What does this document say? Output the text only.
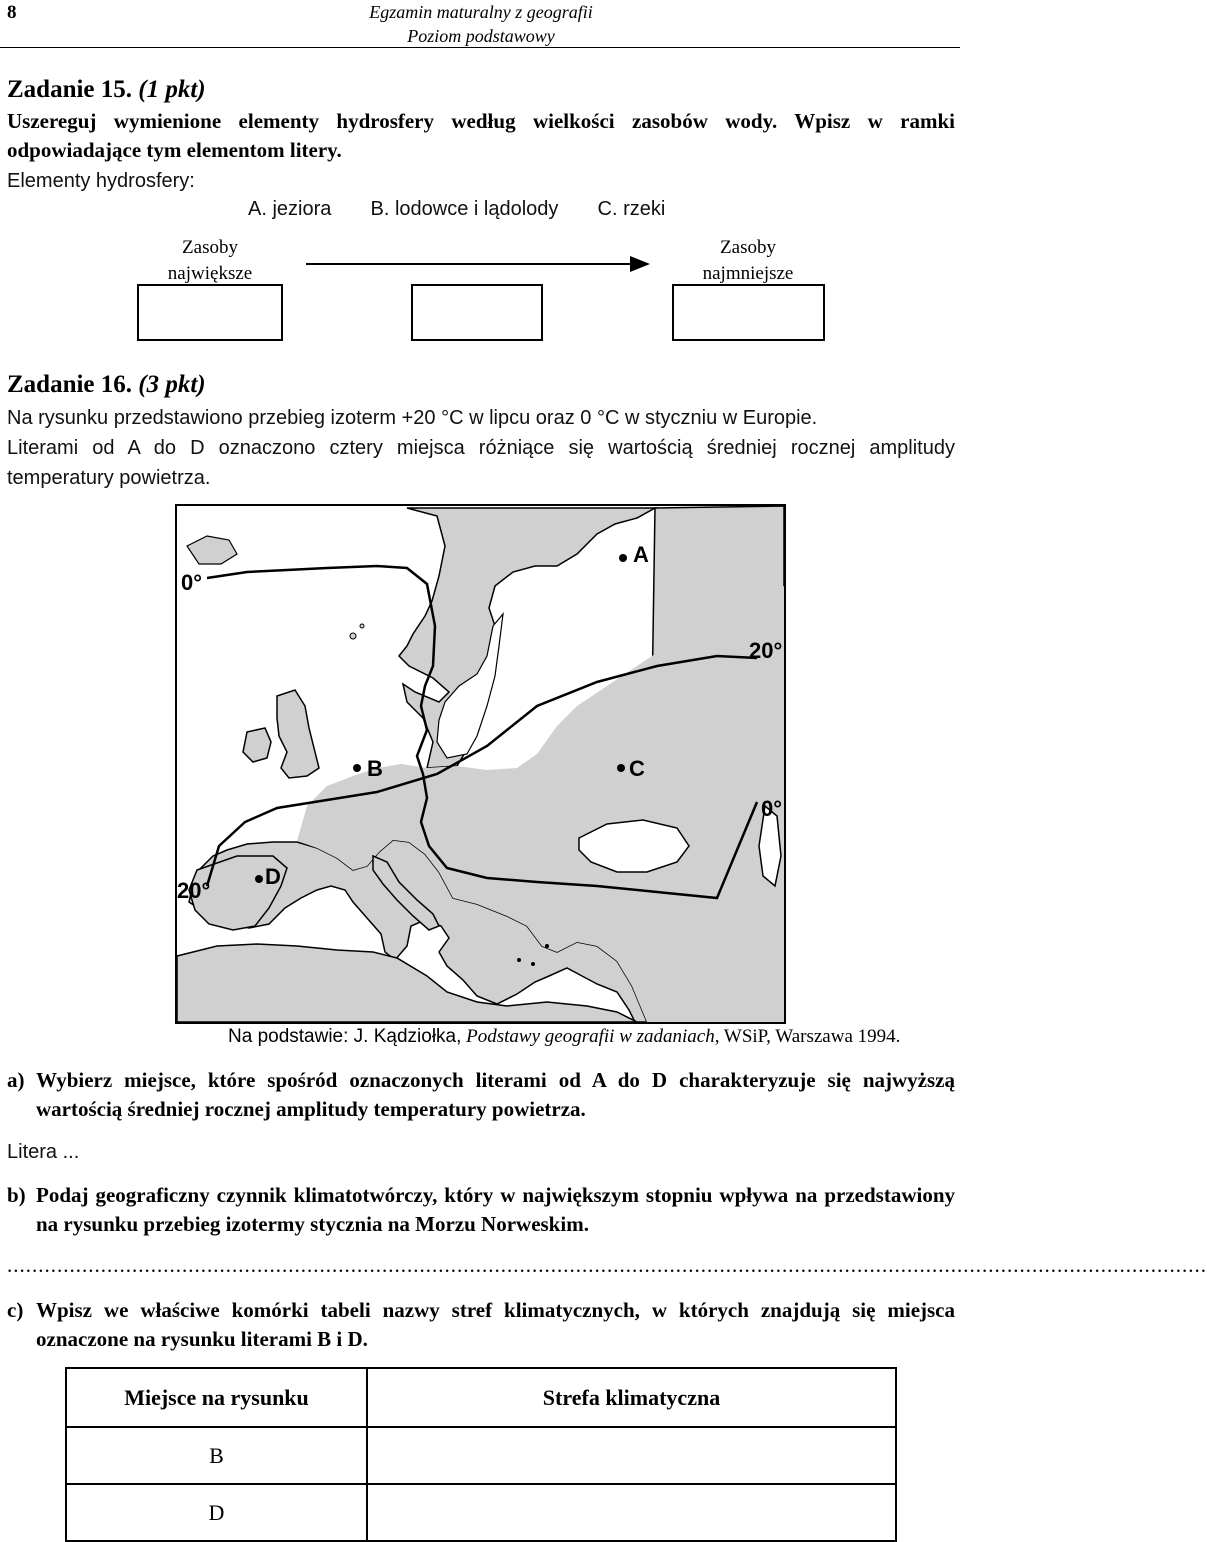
8	Egzamin maturalny z geografii
Poziom podstawowy
Zadanie 15. (1 pkt)
Uszereguj wymienione elementy hydrosfery według wielkości zasobów wody. Wpisz w ramki odpowiadające tym elementom litery.
Elementy hydrosfery:
A. jeziora B. lodowce i lądolody C. rzeki
Zasoby
największe
Zasoby
najmniejsze
Zadanie 16. (3 pkt)
Na rysunku przedstawiono przebieg izoterm +20 °C w lipcu oraz 0 °C w styczniu w Europie.
Literami od A do D oznaczono cztery miejsca różniące się wartością średniej rocznej amplitudy temperatury powietrza.
0°
20°
0°
20°
A
B	C
D
Na podstawie: J. Kądziołka, Podstawy geografii w zadaniach, WSiP, Warszawa 1994.
a) Wybierz miejsce, które spośród oznaczonych literami od A do D charakteryzuje się najwyższą wartością średniej rocznej amplitudy temperatury powietrza.
Litera ...
b) Podaj geograficzny czynnik klimatotwórczy, który w największym stopniu wpływa na przedstawiony na rysunku przebieg izotermy stycznia na Morzu Norweskim.
................................................................................................................................................................................................
c) Wpisz we właściwe komórki tabeli nazwy stref klimatycznych, w których znajdują się miejsca oznaczone na rysunku literami B i D.
Miejsce na rysunku	Strefa klimatyczna
B	
D	
